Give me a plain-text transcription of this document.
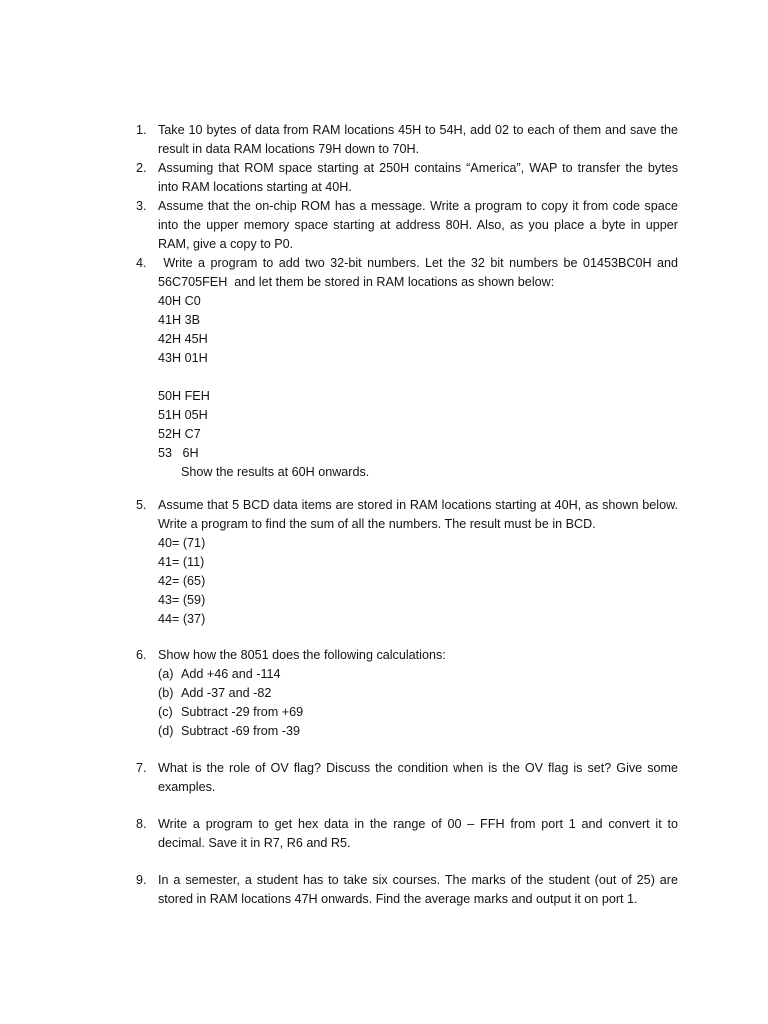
1. Take 10 bytes of data from RAM locations 45H to 54H, add 02 to each of them and save the
result in data RAM locations 79H down to 70H.
2. Assuming that ROM space starting at 250H contains “America”, WAP to transfer the bytes
into RAM locations starting at 40H.
3. Assume that the on-chip ROM has a message. Write a program to copy it from code space
into the upper memory space starting at address 80H. Also, as you place a byte in upper
RAM, give a copy to P0.
4. Write a program to add two 32-bit numbers. Let the 32 bit numbers be 01453BC0H and
56C705FEH  and let them be stored in RAM locations as shown below:
40H C0
41H 3B
42H 45H
43H 01H
50H FEH
51H 05H
52H C7
53   6H
Show the results at 60H onwards.
5. Assume that 5 BCD data items are stored in RAM locations starting at 40H, as shown below.
Write a program to find the sum of all the numbers. The result must be in BCD.
40= (71)
41= (11)
42= (65)
43= (59)
44= (37)
6. Show how the 8051 does the following calculations:
(a) Add +46 and -114
(b) Add -37 and -82
(c) Subtract -29 from +69
(d) Subtract -69 from -39
7. What is the role of OV flag? Discuss the condition when is the OV flag is set? Give some
examples.
8. Write a program to get hex data in the range of 00 – FFH from port 1 and convert it to
decimal. Save it in R7, R6 and R5.
9. In a semester, a student has to take six courses. The marks of the student (out of 25) are
stored in RAM locations 47H onwards. Find the average marks and output it on port 1.
